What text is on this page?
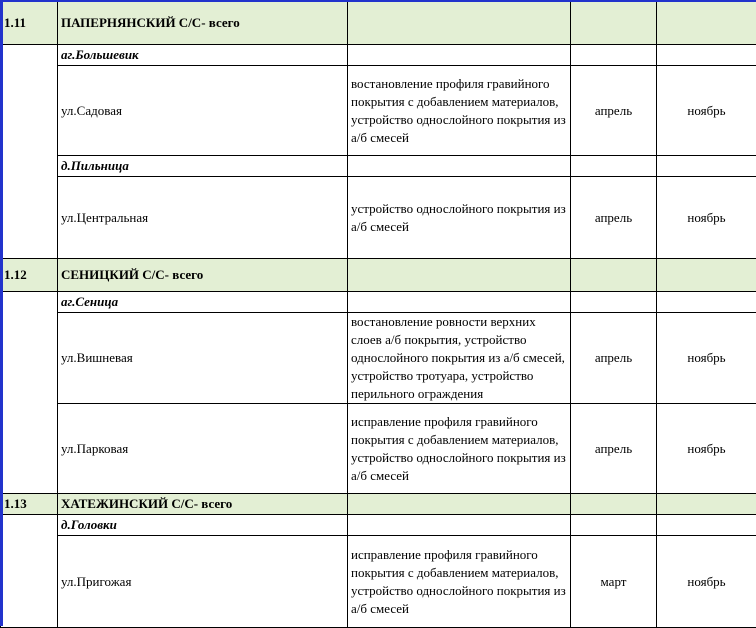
1.11	ПАПЕРНЯНСКИЙ С/С- всего			
	аг.Большевик			
	ул.Садовая	востановление профиля гравийного покрытия с добавлением материалов, устройство однослойного покрытия из а/б смесей	апрель	ноябрь
	д.Пильница			
	ул.Центральная	устройство однослойного покрытия из а/б смесей	апрель	ноябрь
1.12	СЕНИЦКИЙ С/С- всего			
	аг.Сеница			
	ул.Вишневая	востановление ровности верхних слоев а/б покрытия, устройство однослойного покрытия из а/б смесей, устройство тротуара, устройство перильного ограждения	апрель	ноябрь
	ул.Парковая	исправление профиля гравийного покрытия с добавлением материалов, устройство однослойного покрытия из а/б смесей	апрель	ноябрь
1.13	ХАТЕЖИНСКИЙ С/С- всего			
	д.Головки			
	ул.Пригожая	исправление профиля гравийного покрытия с добавлением материалов, устройство однослойного покрытия из а/б смесей	март	ноябрь
